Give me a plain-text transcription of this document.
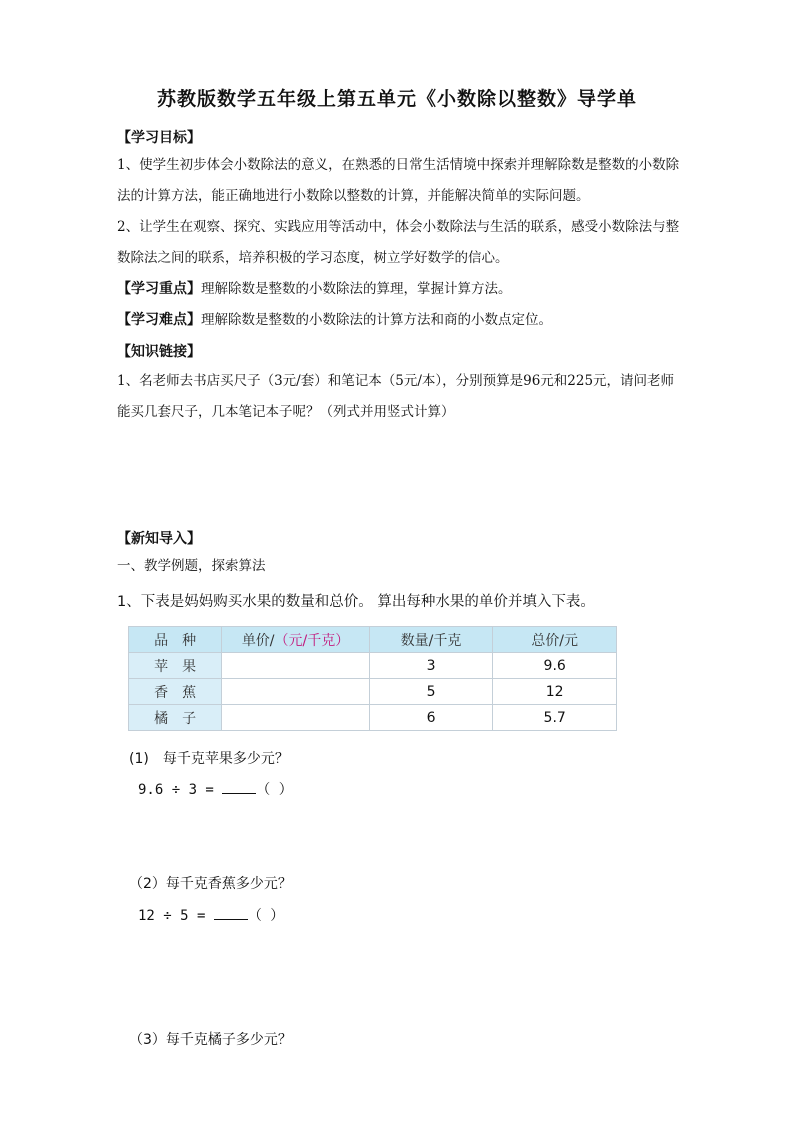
苏教版数学五年级上第五单元《小数除以整数》导学单
【学习目标】
1、使学生初步体会小数除法的意义，在熟悉的日常生活情境中探索并理解除数是整数的小数除
法的计算方法，能正确地进行小数除以整数的计算，并能解决简单的实际问题。
2、让学生在观察、探究、实践应用等活动中，体会小数除法与生活的联系，感受小数除法与整
数除法之间的联系，培养积极的学习态度，树立学好数学的信心。
【学习重点】理解除数是整数的小数除法的算理，掌握计算方法。
【学习难点】理解除数是整数的小数除法的计算方法和商的小数点定位。
【知识链接】
1、名老师去书店买尺子（3元/套）和笔记本（5元/本），分别预算是96元和225元，请问老师
能买几套尺子，几本笔记本子呢？（列式并用竖式计算）
【新知导入】
一、教学例题，探索算法
1、下表是妈妈购买水果的数量和总价。 算出每种水果的单价并填入下表。
品　种	单价/（元/千克）	数量/千克	总价/元
苹果		3	9.6
香蕉		5	12
橘子		6	5.7
(1)　每千克苹果多少元？
9.6 ÷ 3 =	（ ）
（2）每千克香蕉多少元？
12 ÷ 5 =	（ ）
（3）每千克橘子多少元？
